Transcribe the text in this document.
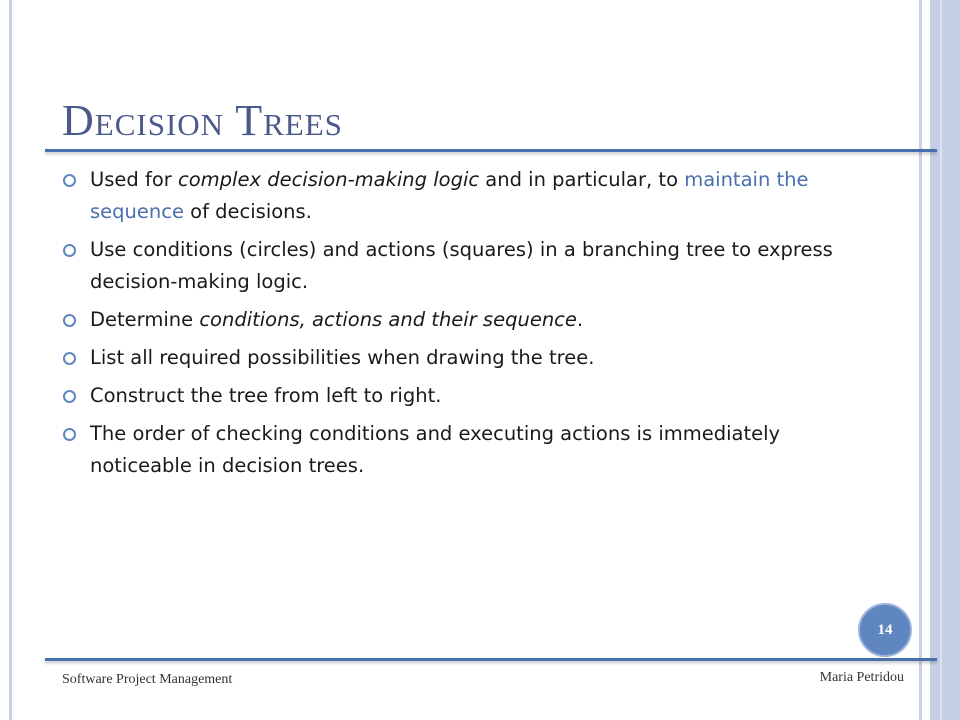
Decision Trees
Used for complex decision-making logic and in particular, to maintain the sequence of decisions.
Use conditions (circles) and actions (squares) in a branching tree to express decision-making logic.
Determine conditions, actions and their sequence.
List all required possibilities when drawing the tree.
Construct the tree from left to right.
The order of checking conditions and executing actions is immediately noticeable in decision trees.
14
Software Project Management	Maria Petridou
